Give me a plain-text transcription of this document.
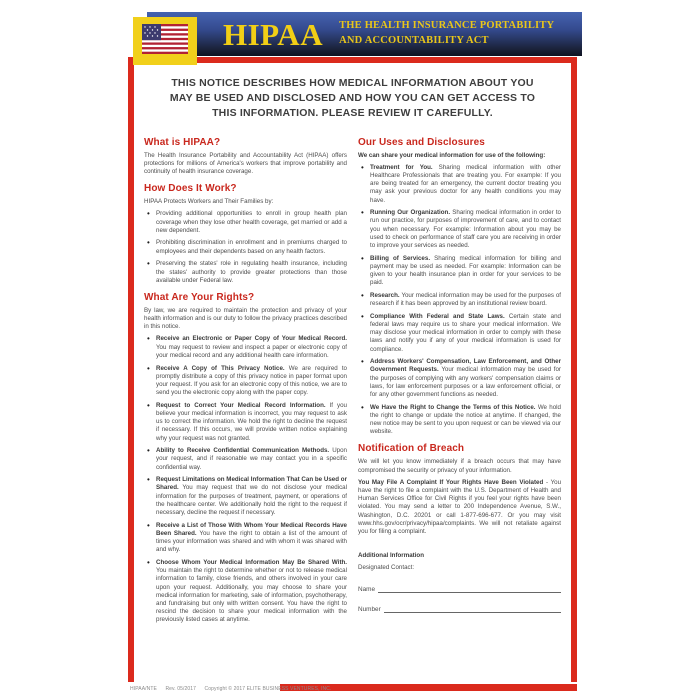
HIPAA THE HEALTH INSURANCE PORTABILITY
AND ACCOUNTABILITY ACT
THIS NOTICE DESCRIBES HOW MEDICAL INFORMATION ABOUT YOU MAY BE USED AND DISCLOSED AND HOW YOU CAN GET ACCESS TO THIS INFORMATION. PLEASE REVIEW IT CAREFULLY.
What is HIPAA?

The Health Insurance Portability and Accountability Act (HIPAA) offers protections for millions of America's workers that improve portability and continuity of health insurance coverage.

How Does It Work?

HIPAA Protects Workers and Their Families by:

• Providing additional opportunities to enroll in group health plan coverage when they lose other health coverage, get married or add a new dependent.
• Prohibiting discrimination in enrollment and in premiums charged to employees and their dependents based on any health factors.
• Preserving the states' role in regulating health insurance, including the states' authority to provide greater protections than those available under Federal law.
What Are Your Rights?

By law, we are required to maintain the protection and privacy of your health information and is our duty to follow the privacy practices described in this notice.

• Receive an Electronic or Paper Copy of Your Medical Record. You may request to review and inspect a paper or electronic copy of your medical record and any additional health care information.
• Receive A Copy of This Privacy Notice. We are required to promptly distribute a copy of this privacy notice in paper format upon your request. If you ask for an electronic copy of this notice, we are to send you the electronic copy along with the paper copy.
• Request to Correct Your Medical Record Information. If you believe your medical information is incorrect, you may request to ask us to correct the information. We hold the right to decline the request if necessary. If this occurs, we will provide written notice explaining why your request was not granted.
• Ability to Receive Confidential Communication Methods. Upon your request, and if reasonable we may contact you in a specific confidential way.
• Request Limitations on Medical Information That Can be Used or Shared. You may request that we do not disclose your medical information for the purposes of treatment, payment, or operations of the healthcare center. We additionally hold the right to the request if necessary, decline the request if necessary.
• Receive a List of Those With Whom Your Medical Records Have Been Shared. You have the right to obtain a list of the amount of times your information was shared and with whom it was shared with and why.
• Choose Whom Your Medical Information May Be Shared With. You maintain the right to determine whether or not to release medical information to family, close friends, and others involved in your care upon your request. Additionally, you may choose to share your medical information for marketing, sale of information, psychotherapy, and fundraising but only with written consent. You have the right to rescind the decision to share your medical information with the previously listed cases at anytime.
Our Uses and Disclosures

We can share your medical information for use of the following:

• Treatment for You. Sharing medical information with other Healthcare Professionals that are treating you. For example: If you are being treated for an emergency, the current doctor treating you may ask your previous doctor for any health conditions you may have.
• Running Our Organization. Sharing medical information in order to run our practice, for purposes of improvement of care, and to contact you when necessary. For example: Information about you may be used to check on performance of staff care you are receiving in order to improve your services as needed.
• Billing of Services. Sharing medical information for billing and payment may be used as needed. For example: Information can be given to your health insurance plan in order for your services to be paid.
• Research. Your medical information may be used for the purposes of research if it has been approved by an institutional review board.
• Compliance With Federal and State Laws. Certain state and federal laws may require us to share your medical information. We may disclose your medical information in order to comply with these laws and notify you if any of your medical information is used for compliance.
• Address Workers' Compensation, Law Enforcement, and Other Government Requests. Your medical information may be used for the purposes of complying with any workers' compensation claims or laws, for law enforcement purposes or a law enforcement official, or for any other government functions as needed.
• We Have the Right to Change the Terms of this Notice. We hold the right to change or update the notice at anytime. If changed, the new notice may be sent to you upon request or can be viewed via our website.
Notification of Breach

We will let you know immediately if a breach occurs that may have compromised the security or privacy of your information.

You May File A Complaint If Your Rights Have Been Violated - You have the right to file a complaint with the U.S. Department of Health and Human Services Office for Civil Rights if you feel your rights have been violated. You may send a letter to 200 Independence Avenue, S.W., Washington, D.C. 20201 or call 1-877-696-677. Or you may visit www.hhs.gov/ocr/privacy/hipaa/complaints. We will not retaliate against you for filing a complaint.

Additional Information

Designated Contact:

Name
Number
HIPAA/NTE Rev. 05/2017 Copyright © 2017 ELITE BUSINESS VENTURES, INC.
